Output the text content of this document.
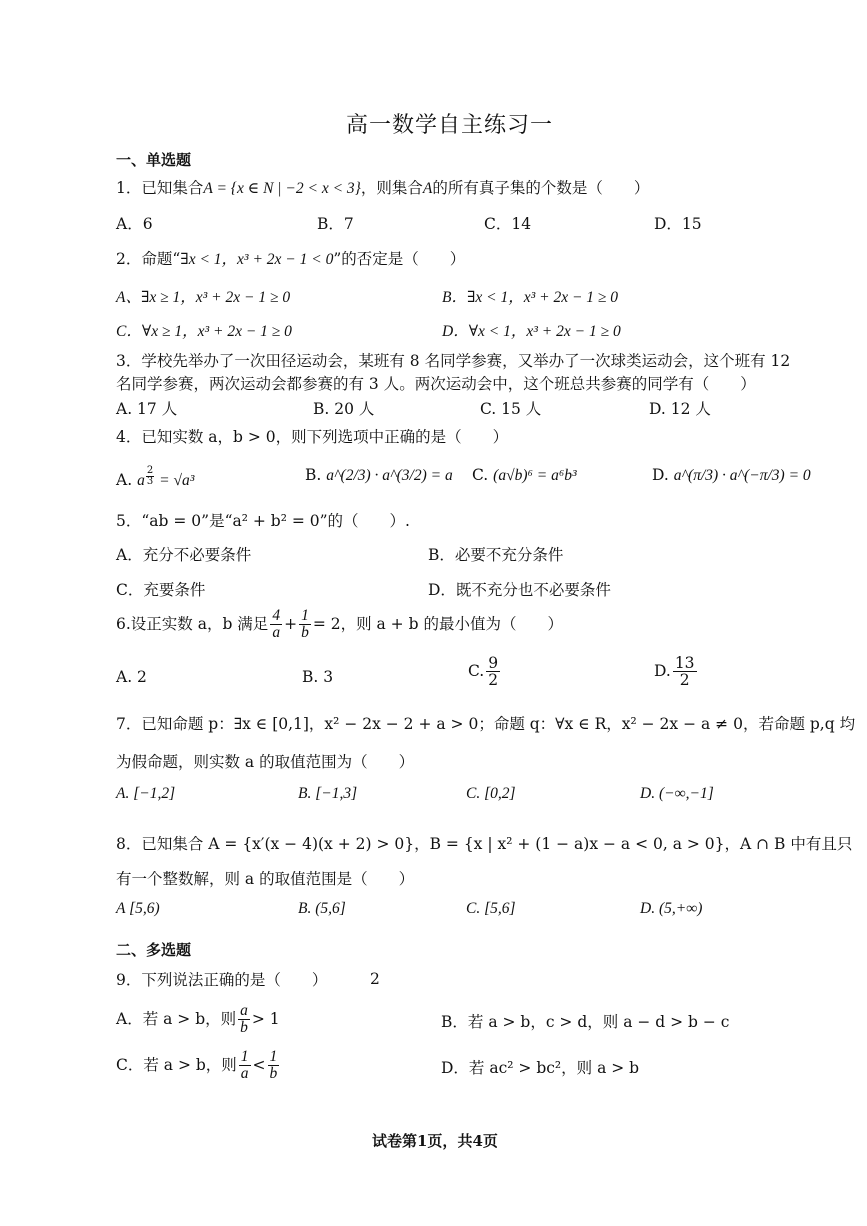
高一数学自主练习一
一、单选题
1．已知集合A = {x ∈ N | −2 < x < 3}，则集合A的所有真子集的个数是（　　）
A．6	B．7	C．14	D．15
2．命题“∃x < 1，x³ + 2x − 1 < 0”的否定是（　　）
A、∃x ≥ 1，x³ + 2x − 1 ≥ 0	B．∃x < 1，x³ + 2x − 1 ≥ 0
C．∀x ≥ 1，x³ + 2x − 1 ≥ 0	D．∀x < 1，x³ + 2x − 1 ≥ 0
3．学校先举办了一次田径运动会，某班有 8 名同学参赛，又举办了一次球类运动会，这个班有 12
名同学参赛，两次运动会都参赛的有 3 人。两次运动会中，这个班总共参赛的同学有（　　）
A. 17 人	B. 20 人	C. 15 人	D. 12 人
4．已知实数 a，b > 0，则下列选项中正确的是（　　）
A. a $\frac{2}{3} = √a^3$	B. a^(2/3) · a^(3/2) = a C. (a√b)⁶ = a⁶b³	D. a^(π/3) · a^(−π/3) = 0
5．“ab = 0”是“a² + b² = 0”的（　　）.
A．充分不必要条件	B．必要不充分条件
C．充要条件	D．既不充分也不必要条件
6.设正实数 a，b 满足 $\frac{4}{a} + \frac{1}{b} = 2$，则 a + b 的最小值为（　　）
A. 2	B. 3	C. $\frac{9}{2}$	D. $\frac{13}{2}$
7．已知命题 p：∃x ∈ [0,1]，x² − 2x − 2 + a > 0；命题 q：∀x ∈ R，x² − 2x − a ≠ 0，若命题 p,q 均
为假命题，则实数 a 的取值范围为（　　）
A. [−1,2]	B. [−1,3]	C. [0,2]	D. (−∞,−1]
8．已知集合 A = {x′(x − 4)(x + 2) > 0}，B = {x | x² + (1 − a)x − a < 0, a > 0}，A ∩ B 中有且只
有一个整数解，则 a 的取值范围是（　　）
A [5,6)	B. (5,6]	C. [5,6]	D. (5,+∞)
二、多选题
9．下列说法正确的是（　　）	2
A．若 a > b，则 $\frac{a}{b} > 1$	B．若 a > b，c > d，则 a − d > b − c
C．若 a > b，则 $\frac{1}{a} < \frac{1}{b}$	D．若 ac² > bc²，则 a > b
试卷第1页，共4页
